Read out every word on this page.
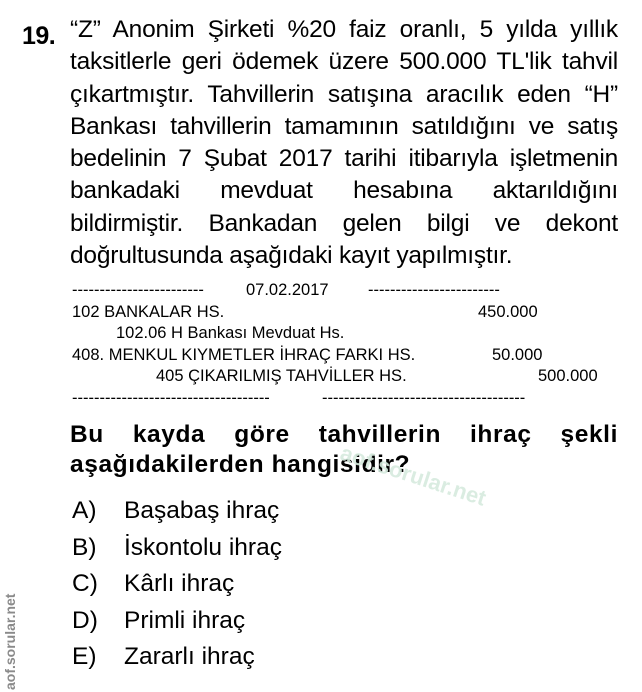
19. “Z” Anonim Şirketi %20 faiz oranlı, 5 yılda yıllık
taksitlerle geri ödemek üzere 500.000 TL'lik tahvil
çıkartmıştır. Tahvillerin satışına aracılık eden “H”
Bankası tahvillerin tamamının satıldığını ve satış
bedelinin 7 Şubat 2017 tarihi itibarıyla işletmenin
bankadaki mevduat hesabına aktarıldığını
bildirmiştir. Bankadan gelen bilgi ve dekont
doğrultusunda aşağıdaki kayıt yapılmıştır.
------------------------	07.02.2017 ------------------------
102 BANKALAR HS.	450.000
102.06 H Bankası Mevduat Hs.
408. MENKUL KIYMETLER İHRAÇ FARKI HS.	50.000
405 ÇIKARILMIŞ TAHVİLLER HS.	500.000
------------------------------------	-------------------------------------
Bu kayda göre tahvillerin ihraç şekli
aşağıdakilerden hangisidir?
aof.sorular.net
A) Başabaş ihraç
B) İskontolu ihraç
C) Kârlı ihraç
D) Primli ihraç
E) Zararlı ihraç
aof.sorular.net
